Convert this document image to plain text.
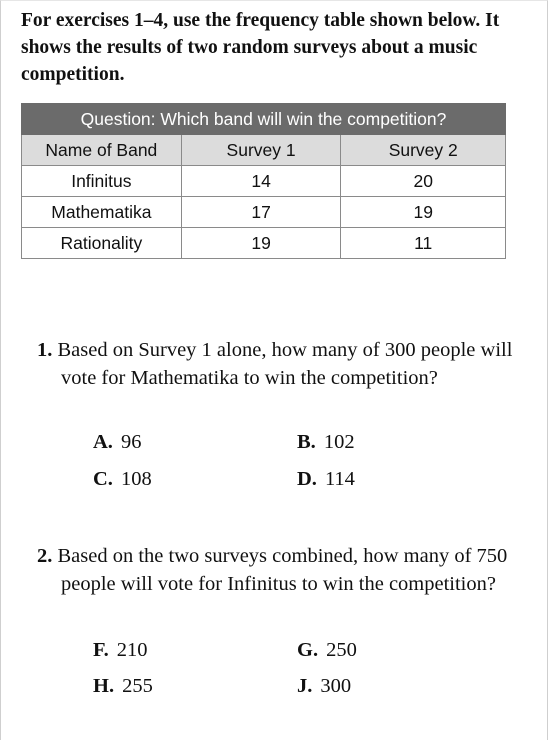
For exercises 1–4, use the frequency table shown below. It shows the results of two random surveys about a music competition.
Question: Which band will win the competition?		
Name of Band	Survey 1	Survey 2
Infinitus	14	20
Mathematika	17	19
Rationality	19	11
1. Based on Survey 1 alone, how many of 300 people will vote for Mathematika to win the competition?
A. 96	B. 102
C. 108	D. 114
2. Based on the two surveys combined, how many of 750 people will vote for Infinitus to win the competition?
F. 210	G. 250
H. 255	J. 300
